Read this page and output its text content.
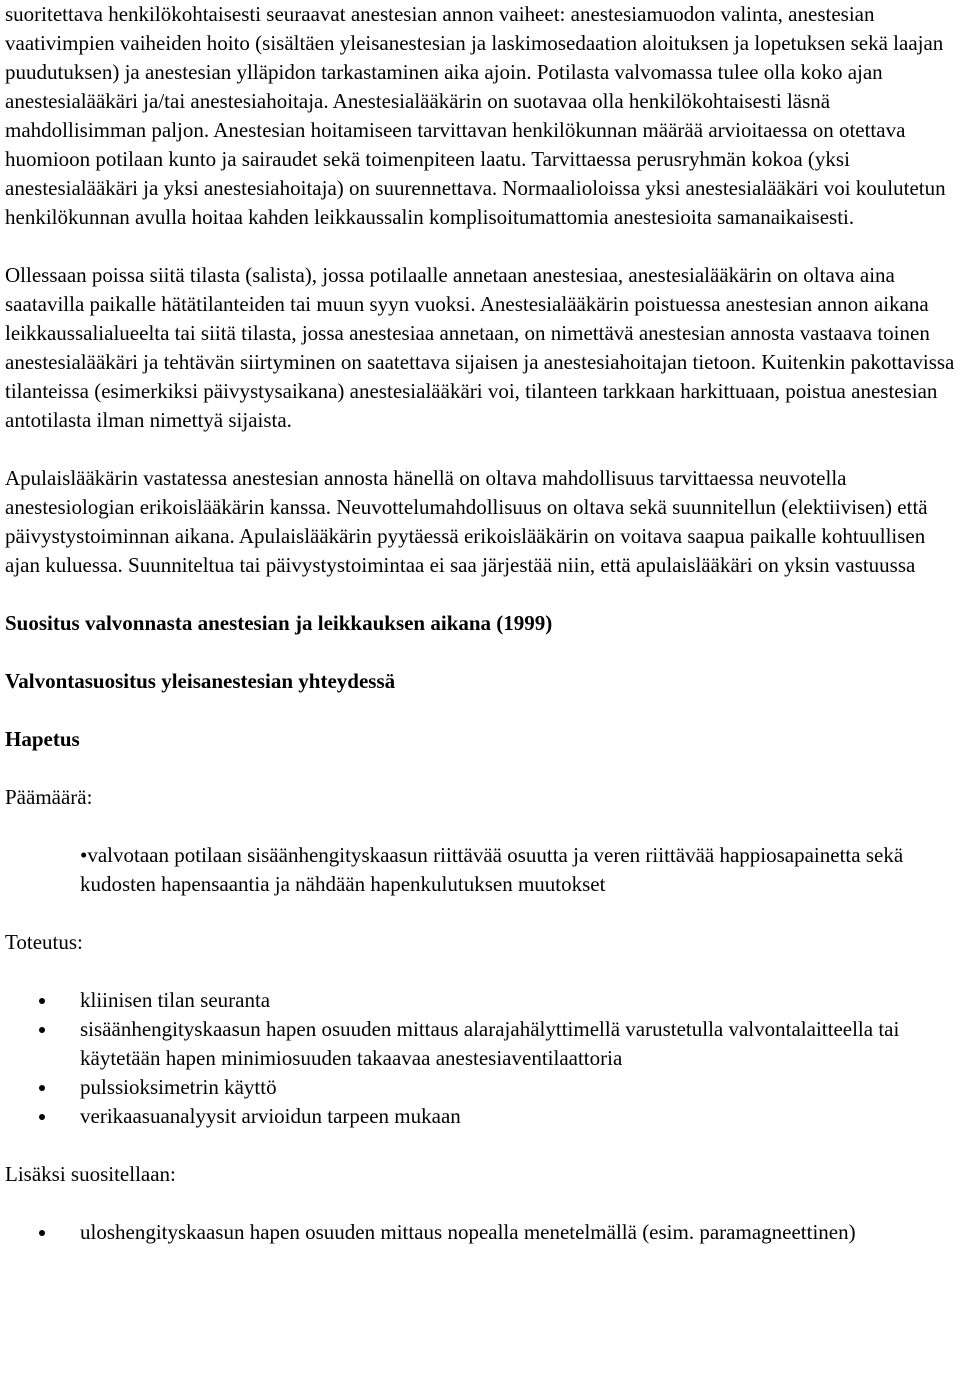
suoritettava henkilökohtaisesti seuraavat anestesian annon vaiheet: anestesiamuodon valinta, anestesian vaativimpien vaiheiden hoito (sisältäen yleisanestesian ja laskimosedaation aloituksen ja lopetuksen sekä laajan puudutuksen) ja anestesian ylläpidon tarkastaminen aika ajoin. Potilasta valvomassa tulee olla koko ajan anestesialääkäri ja/tai anestesiahoitaja. Anestesialääkärin on suotavaa olla henkilökohtaisesti läsnä mahdollisimman paljon. Anestesian hoitamiseen tarvittavan henkilökunnan määrää arvioitaessa on otettava huomioon potilaan kunto ja sairaudet sekä toimenpiteen laatu. Tarvittaessa perusryhmän kokoa (yksi anestesialääkäri ja yksi anestesiahoitaja) on suurennettava. Normaalioloissa yksi anestesialääkäri voi koulutetun henkilökunnan avulla hoitaa kahden leikkaussalin komplisoitumattomia anestesioita samanaikaisesti.

Ollessaan poissa siitä tilasta (salista), jossa potilaalle annetaan anestesiaa, anestesialääkärin on oltava aina saatavilla paikalle hätätilanteiden tai muun syyn vuoksi. Anestesialääkärin poistuessa anestesian annon aikana leikkaussalialueelta tai siitä tilasta, jossa anestesiaa annetaan, on nimettävä anestesian annosta vastaava toinen anestesialääkäri ja tehtävän siirtyminen on saatettava sijaisen ja anestesiahoitajan tietoon. Kuitenkin pakottavissa tilanteissa (esimerkiksi päivystysaikana) anestesialääkäri voi, tilanteen tarkkaan harkittuaan, poistua anestesian antotilasta ilman nimettyä sijaista.

Apulaislääkärin vastatessa anestesian annosta hänellä on oltava mahdollisuus tarvittaessa neuvotella anestesiologian erikoislääkärin kanssa. Neuvottelumahdollisuus on oltava sekä suunnitellun (elektiivisen) että päivystystoiminnan aikana. Apulaislääkärin pyytäessä erikoislääkärin on voitava saapua paikalle kohtuullisen ajan kuluessa. Suunniteltua tai päivystystoimintaa ei saa järjestää niin, että apulaislääkäri on yksin vastuussa

Suositus valvonnasta anestesian ja leikkauksen aikana (1999)

Valvontasuositus yleisanestesian yhteydessä

Hapetus

Päämäärä:

•valvotaan potilaan sisäänhengityskaasun riittävää osuutta ja veren riittävää happiosapainetta sekä kudosten hapensaantia ja nähdään hapenkulutuksen muutokset

Toteutus:

kliinisen tilan seuranta
sisäänhengityskaasun hapen osuuden mittaus alarajahälyttimellä varustetulla valvontalaitteella tai käytetään hapen minimiosuuden takaavaa anestesiaventilaattoria
pulssioksimetrin käyttö
verikaasuanalyysit arvioidun tarpeen mukaan

Lisäksi suositellaan:

uloshengityskaasun hapen osuuden mittaus nopealla menetelmällä (esim. paramagneettinen)
